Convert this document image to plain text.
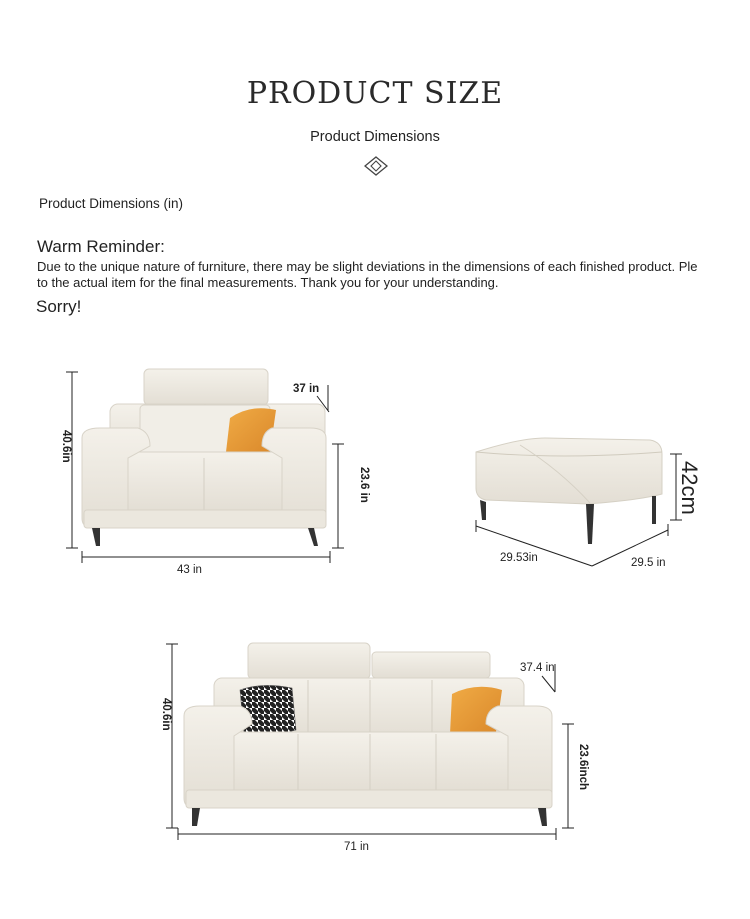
PRODUCT SIZE
Product Dimensions
Product Dimensions (in)
Warm Reminder:
Due to the unique nature of furniture, there may be slight deviations in the dimensions of each finished product. Ple
to the actual item for the final measurements. Thank you for your understanding.
Sorry!
40.6in
37 in
23.6 in
43 in
42cm
29.53in	29.5 in
40.6in
37.4 in
23.6inch
71 in
